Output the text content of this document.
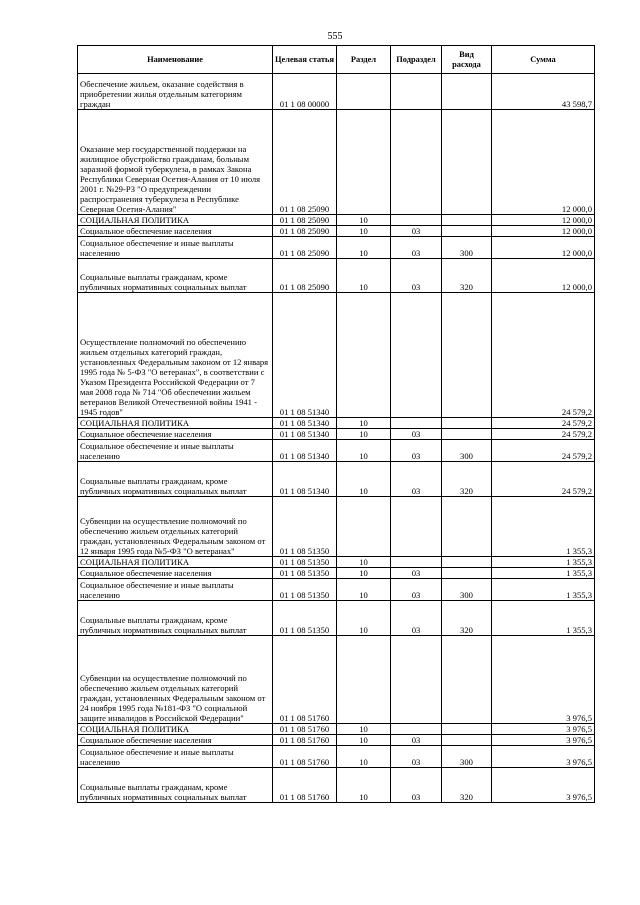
555
Наименование	Целевая статья	Раздел	Подраздел	Вид расхода	Сумма
Обеспечение жильем, оказание содействия в приобретении жилья отдельным категориям граждан	01 1 08 00000				43 598,7
Оказание мер государственной поддержки на жилищное обустройство гражданам, больным заразной формой туберкулеза, в рамках Закона Республики Северная Осетия-Алания от 10 июля 2001 г. №29-РЗ "О предупреждении распространения туберкулеза в Республике Северная Осетия-Алания"	01 1 08 25090				12 000,0
СОЦИАЛЬНАЯ ПОЛИТИКА	01 1 08 25090	10			12 000,0
Социальное обеспечение населения	01 1 08 25090	10	03		12 000,0
Социальное обеспечение и иные выплаты населению	01 1 08 25090	10	03	300	12 000,0
Социальные выплаты гражданам, кроме публичных нормативных социальных выплат	01 1 08 25090	10	03	320	12 000,0
Осуществление полномочий по обеспечению жильем отдельных категорий граждан, установленных Федеральным законом от 12 января 1995 года № 5-ФЗ "О ветеранах", в соответствии с Указом Президента Российской Федерации от 7 мая 2008 года № 714 "Об обеспечении жильем ветеранов Великой Отечественной войны 1941 - 1945 годов"	01 1 08 51340				24 579,2
СОЦИАЛЬНАЯ ПОЛИТИКА	01 1 08 51340	10			24 579,2
Социальное обеспечение населения	01 1 08 51340	10	03		24 579,2
Социальное обеспечение и иные выплаты населению	01 1 08 51340	10	03	300	24 579,2
Социальные выплаты гражданам, кроме публичных нормативных социальных выплат	01 1 08 51340	10	03	320	24 579,2
Субвенции на осуществление полномочий по обеспечению жильем отдельных категорий граждан, установленных Федеральным законом от 12 января 1995 года №5-ФЗ "О ветеранах"	01 1 08 51350				1 355,3
СОЦИАЛЬНАЯ ПОЛИТИКА	01 1 08 51350	10			1 355,3
Социальное обеспечение населения	01 1 08 51350	10	03		1 355,3
Социальное обеспечение и иные выплаты населению	01 1 08 51350	10	03	300	1 355,3
Социальные выплаты гражданам, кроме публичных нормативных социальных выплат	01 1 08 51350	10	03	320	1 355,3
Субвенции на осуществление полномочий по обеспечению жильем отдельных категорий граждан, установленных Федеральным законом от 24 ноября 1995 года №181-ФЗ "О социальной защите инвалидов в Российской Федерации"	01 1 08 51760				3 976,5
СОЦИАЛЬНАЯ ПОЛИТИКА	01 1 08 51760	10			3 976,5
Социальное обеспечение населения	01 1 08 51760	10	03		3 976,5
Социальное обеспечение и иные выплаты населению	01 1 08 51760	10	03	300	3 976,5
Социальные выплаты гражданам, кроме публичных нормативных социальных выплат	01 1 08 51760	10	03	320	3 976,5
